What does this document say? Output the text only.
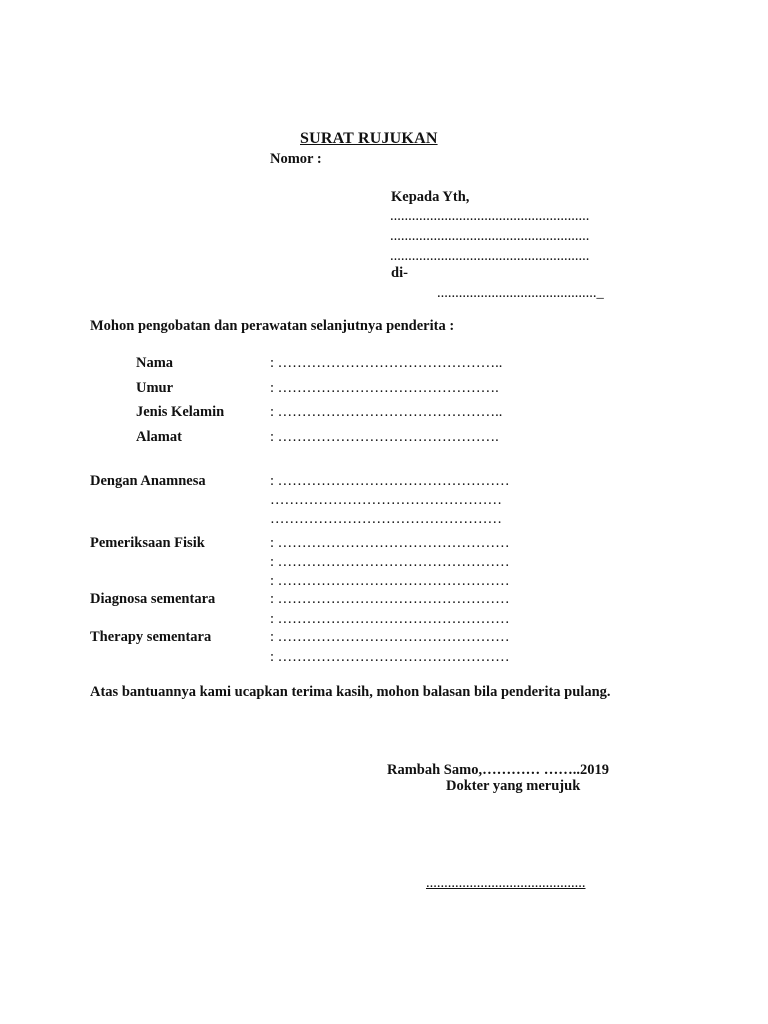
SURAT RUJUKAN
Nomor :
Kepada Yth,
.......................................................
.......................................................
.......................................................
di-
............................................_
Mohon pengobatan dan perawatan selanjutnya penderita :
Nama	: ………………………………………..
Umur	: ……………………………………….
Jenis Kelamin	: ………………………………………..
Alamat	: ……………………………………….
Dengan Anamnesa	: …………………………………………
…………………………………………
…………………………………………
Pemeriksaan Fisik	: …………………………………………
: …………………………………………
: …………………………………………
Diagnosa sementara	: …………………………………………
: …………………………………………
Therapy sementara	: …………………………………………
: …………………………………………
Atas bantuannya kami ucapkan terima kasih, mohon balasan bila penderita pulang.
Rambah Samo,………… ……..2019
Dokter yang merujuk
............................................
